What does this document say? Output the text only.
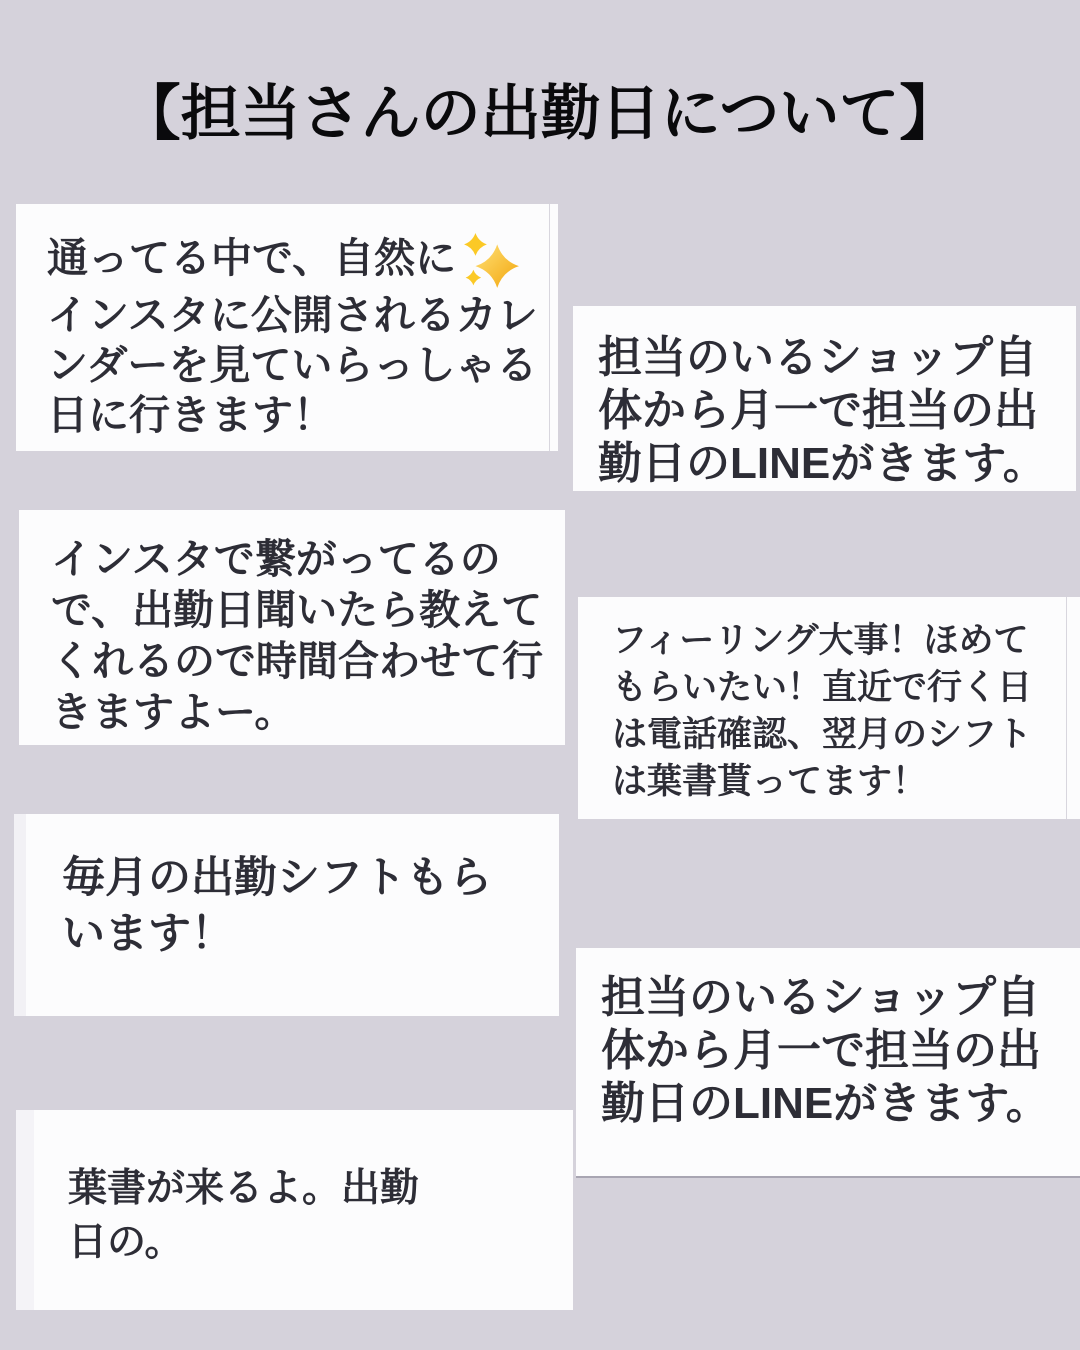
【担当さんの出勤日について】
通ってる中で、自然に
インスタに公開されるカレ
ンダーを見ていらっしゃる
日に行きます！
担当のいるショップ自
体から月一で担当の出
勤日のLINEがきます。
インスタで繋がってるの
で、出勤日聞いたら教えて
くれるので時間合わせて行
きますよー。
フィーリング大事！ほめて
もらいたい！直近で行く日
は電話確認、翌月のシフト
は葉書貰ってます！
毎月の出勤シフトもら
います！
担当のいるショップ自
体から月一で担当の出
勤日のLINEがきます。
葉書が来るよ。出勤
日の。
